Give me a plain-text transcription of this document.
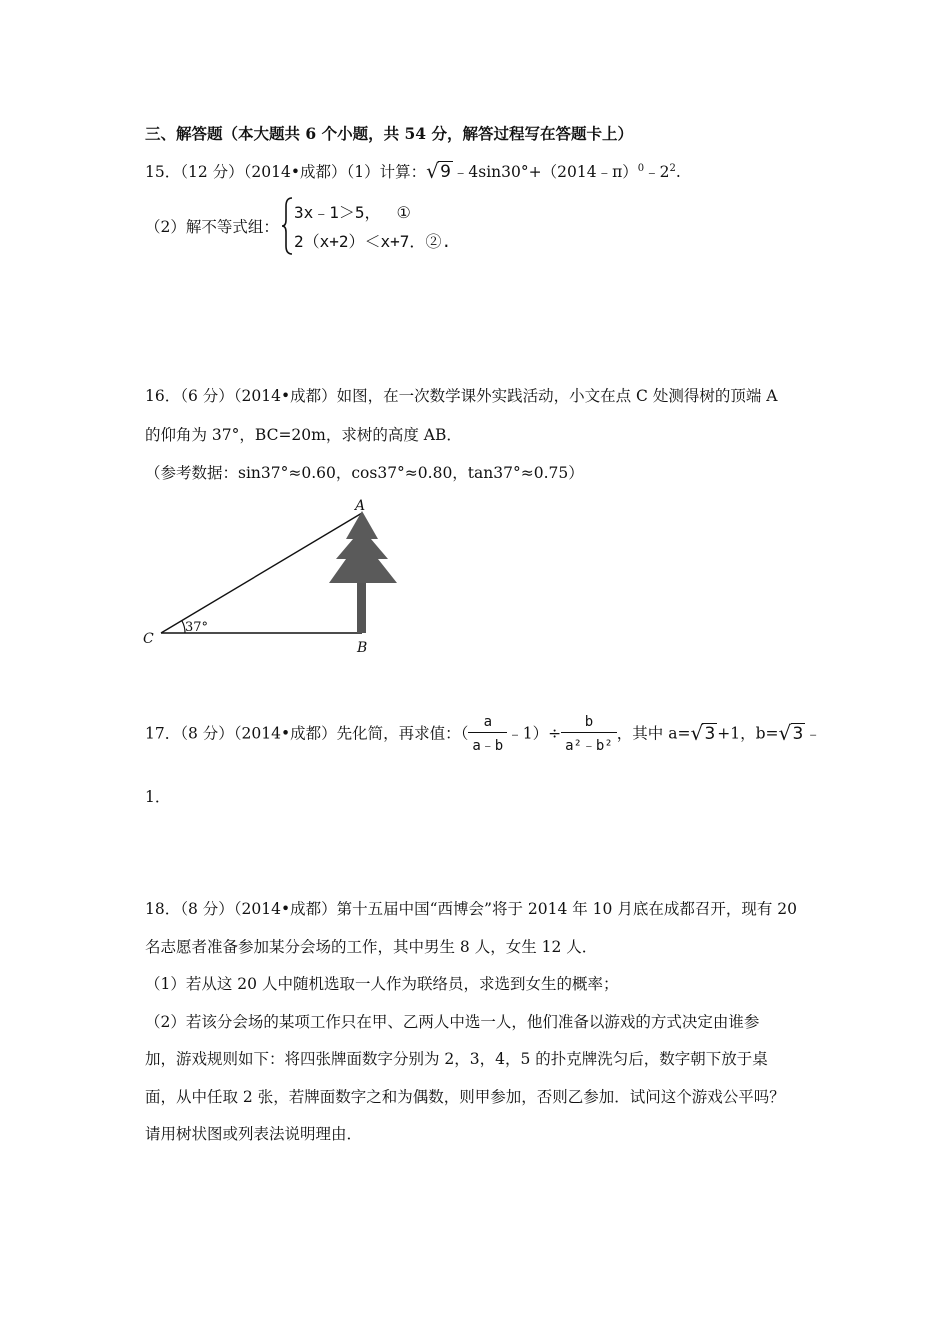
三、解答题（本大题共 6 个小题，共 54 分，解答过程写在答题卡上）
15．（12 分）（2014•成都）（1）计算： √ 9 $﹣4\sin 30^\circ+(2014﹣\pi)^0﹣2^2$.
（2）解不等式组：
3x﹣1＞5， ①
2（x+2）＜x+7．②.
16．（6 分）（2014•成都）如图，在一次数学课外实践活动，小文在点 C 处测得树的顶端 A
的仰角为 37°，BC=20m，求树的高度 AB．
（参考数据：sin37°≈0.60，cos37°≈0.80，tan37°≈0.75）
37°
A
B
C
17．（8 分）（2014•成都）先化简，再求值：（ $\frac{a}{a﹣b}$ ﹣1）÷ $\frac{b}{\text{a²﹣b²}}$ ，其中 a= √ 3 +1，b= √ 3 ﹣
1．
18．（8 分）（2014•成都）第十五届中国“西博会”将于 2014 年 10 月底在成都召开，现有 20
名志愿者准备参加某分会场的工作，其中男生 8 人，女生 12 人．
（1）若从这 20 人中随机选取一人作为联络员，求选到女生的概率；
（2）若该分会场的某项工作只在甲、乙两人中选一人，他们准备以游戏的方式决定由谁参
加，游戏规则如下：将四张牌面数字分别为 2，3，4，5 的扑克牌洗匀后，数字朝下放于桌
面，从中任取 2 张，若牌面数字之和为偶数，则甲参加，否则乙参加．试问这个游戏公平吗？
请用树状图或列表法说明理由．
